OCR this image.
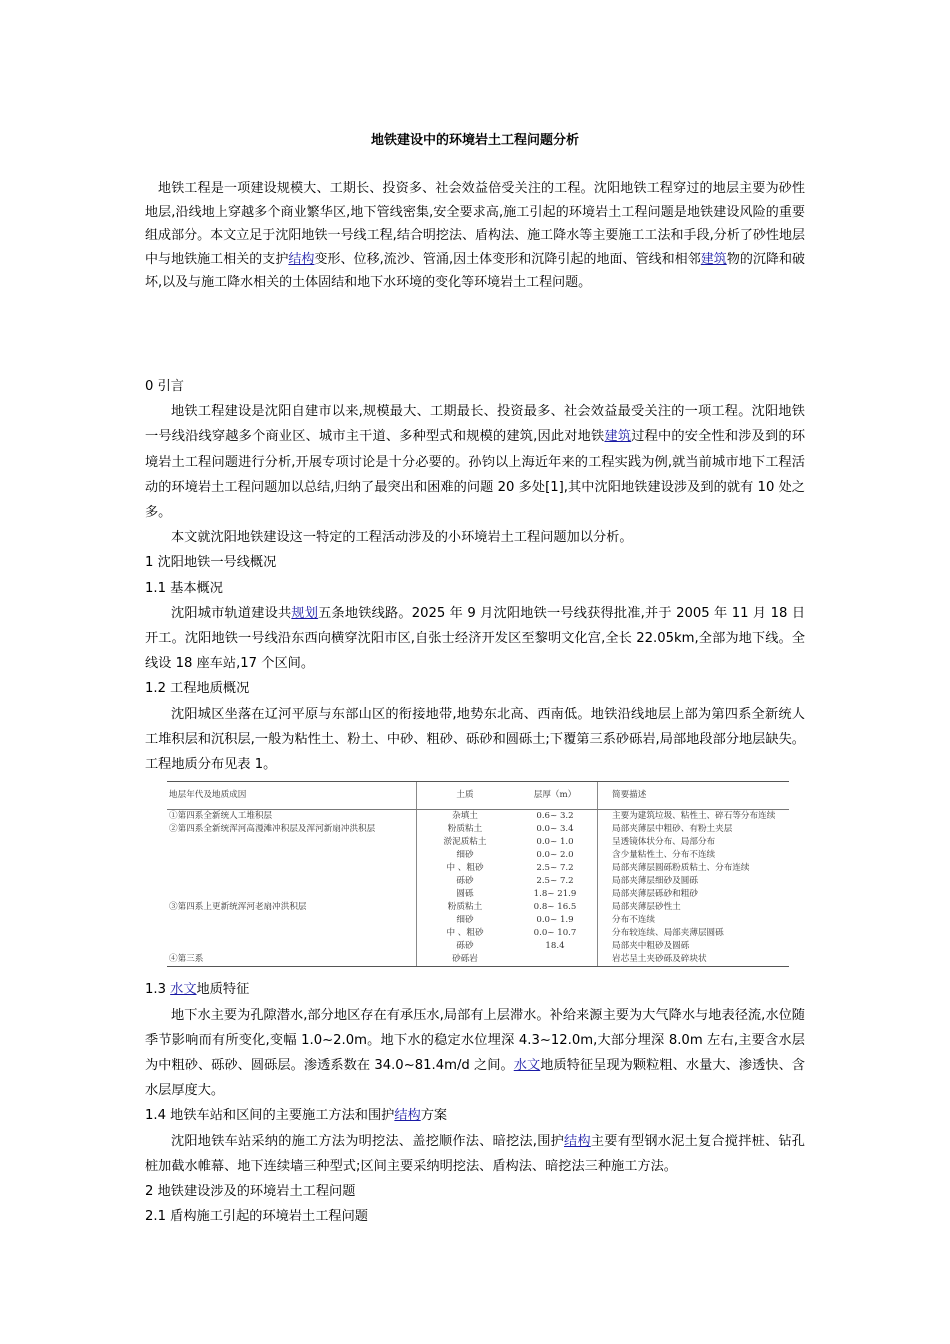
地铁建设中的环境岩土工程问题分析
地铁工程是一项建设规模大、工期长、投资多、社会效益倍受关注的工程。沈阳地铁工程穿过的地层主要为砂性地层,沿线地上穿越多个商业繁华区,地下管线密集,安全要求高,施工引起的环境岩土工程问题是地铁建设风险的重要组成部分。本文立足于沈阳地铁一号线工程,结合明挖法、盾构法、施工降水等主要施工工法和手段,分析了砂性地层中与地铁施工相关的支护结构变形、位移,流沙、管涌,因土体变形和沉降引起的地面、管线和相邻建筑物的沉降和破坏,以及与施工降水相关的土体固结和地下水环境的变化等环境岩土工程问题。

0 引言

地铁工程建设是沈阳自建市以来,规模最大、工期最长、投资最多、社会效益最受关注的一项工程。沈阳地铁一号线沿线穿越多个商业区、城市主干道、多种型式和规模的建筑,因此对地铁建筑过程中的安全性和涉及到的环境岩土工程问题进行分析,开展专项讨论是十分必要的。孙钧以上海近年来的工程实践为例,就当前城市地下工程活动的环境岩土工程问题加以总结,归纳了最突出和困难的问题 20 多处[1],其中沈阳地铁建设涉及到的就有 10 处之多。

本文就沈阳地铁建设这一特定的工程活动涉及的小环境岩土工程问题加以分析。

1 沈阳地铁一号线概况

1.1 基本概况

沈阳城市轨道建设共规划五条地铁线路。2025 年 9 月沈阳地铁一号线获得批准,并于 2005 年 11 月 18 日开工。沈阳地铁一号线沿东西向横穿沈阳市区,自张士经济开发区至黎明文化宫,全长 22.05km,全部为地下线。全线设 18 座车站,17 个区间。

1.2 工程地质概况

沈阳城区坐落在辽河平原与东部山区的衔接地带,地势东北高、西南低。地铁沿线地层上部为第四系全新统人工堆积层和沉积层,一般为粘性土、粉土、中砂、粗砂、砾砂和圆砾土;下覆第三系砂砾岩,局部地段部分地层缺失。工程地质分布见表 1。

地层年代及地质成因	土质	层厚（m）	简要描述
①第四系全新统人工堆积层	杂填土	0.6~ 3.2	主要为建筑垃圾、粘性土、碎石等分布连续
②第四系全新统浑河高漫滩冲积层及浑河新扇冲洪积层	粉质粘土	0.0~ 3.4	局部夹薄层中粗砂、有粉土夹层
	淤泥质粘土	0.0~ 1.0	呈透镜体状分布、局部分布
	细砂	0.0~ 2.0	含少量粘性土、分布不连续
	中 、粗砂	2.5~ 7.2	局部夹薄层圆砾粉质粘土、分布连续
	砾砂	2.5~ 7.2	局部夹薄层细砂及圆砾
	圆砾	1.8~ 21.9	局部夹薄层砾砂和粗砂
③第四系上更新统浑河老扇冲洪积层	粉质粘土	0.8~ 16.5	局部夹薄层砂性土
	细砂	0.0~ 1.9	分布不连续
	中 、粗砂	0.0~ 10.7	分布较连续、局部夹薄层圆砾
	砾砂	18.4	局部夹中粗砂及圆砾
④第三系	砂砾岩		岩芯呈土夹砂砾及碎块状

1.3 水文地质特征

地下水主要为孔隙潜水,部分地区存在有承压水,局部有上层滞水。补给来源主要为大气降水与地表径流,水位随季节影响而有所变化,变幅 1.0~2.0m。地下水的稳定水位埋深 4.3~12.0m,大部分埋深 8.0m 左右,主要含水层为中粗砂、砾砂、圆砾层。渗透系数在 34.0~81.4m/d 之间。水文地质特征呈现为颗粒粗、水量大、渗透快、含水层厚度大。

1.4 地铁车站和区间的主要施工方法和围护结构方案

沈阳地铁车站采纳的施工方法为明挖法、盖挖顺作法、暗挖法,围护结构主要有型钢水泥土复合搅拌桩、钻孔桩加截水帷幕、地下连续墙三种型式;区间主要采纳明挖法、盾构法、暗挖法三种施工方法。

2 地铁建设涉及的环境岩土工程问题

2.1 盾构施工引起的环境岩土工程问题
